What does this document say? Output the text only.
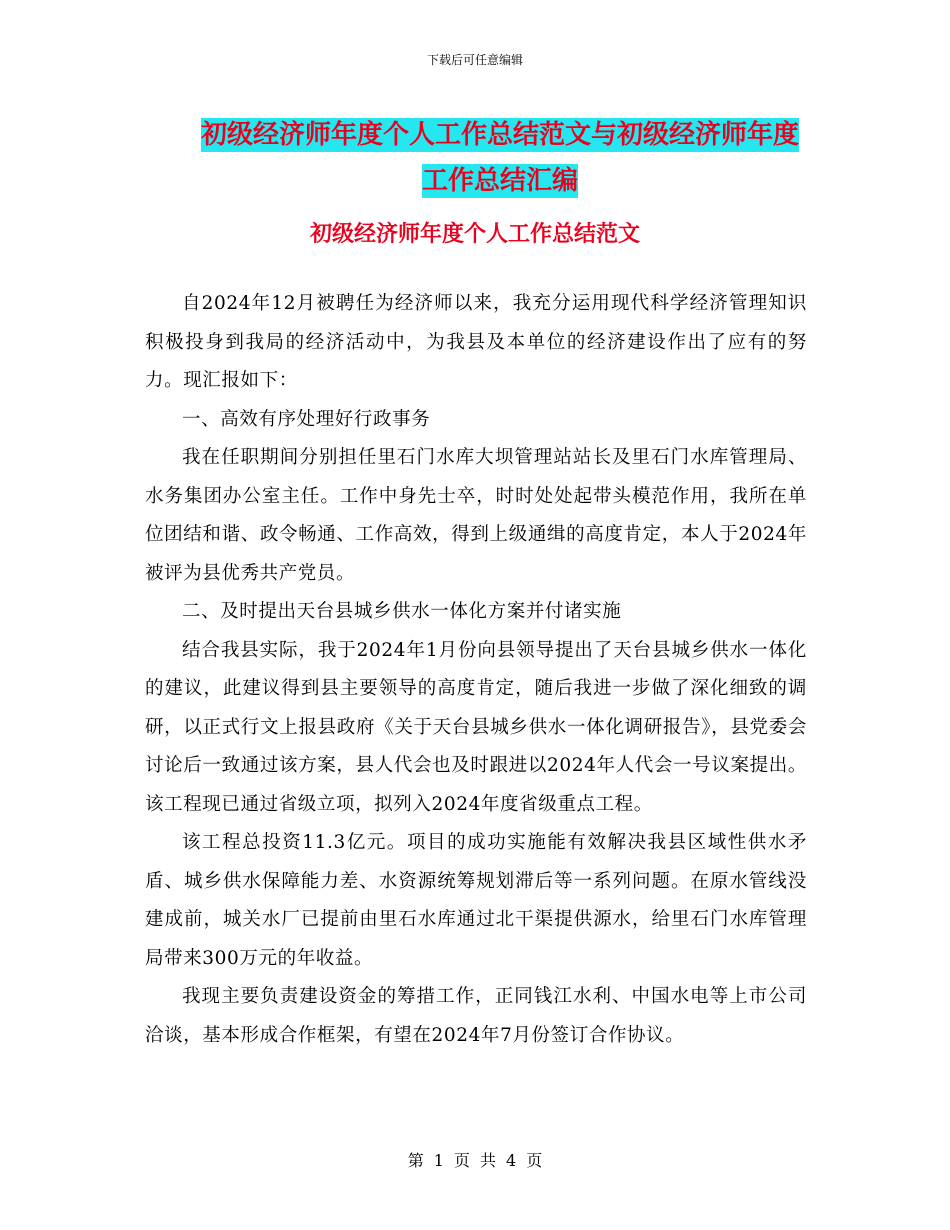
下载后可任意编辑
初级经济师年度个人工作总结范文与初级经济师年度
工作总结汇编
初级经济师年度个人工作总结范文

自2024年12月被聘任为经济师以来，我充分运用现代科学经济管理知识积极投身到我局的经济活动中，为我县及本单位的经济建设作出了应有的努力。现汇报如下：

一、高效有序处理好行政事务

我在任职期间分别担任里石门水库大坝管理站站长及里石门水库管理局、水务集团办公室主任。工作中身先士卒，时时处处起带头模范作用，我所在单位团结和谐、政令畅通、工作高效，得到上级通缉的高度肯定，本人于2024年被评为县优秀共产党员。

二、及时提出天台县城乡供水一体化方案并付诸实施

结合我县实际，我于2024年1月份向县领导提出了天台县城乡供水一体化的建议，此建议得到县主要领导的高度肯定，随后我进一步做了深化细致的调研，以正式行文上报县政府《关于天台县城乡供水一体化调研报告》，县党委会讨论后一致通过该方案，县人代会也及时跟进以2024年人代会一号议案提出。该工程现已通过省级立项，拟列入2024年度省级重点工程。

该工程总投资11.3亿元。项目的成功实施能有效解决我县区域性供水矛盾、城乡供水保障能力差、水资源统筹规划滞后等一系列问题。在原水管线没建成前，城关水厂已提前由里石水库通过北干渠提供源水，给里石门水库管理局带来300万元的年收益。

我现主要负责建设资金的筹措工作，正同钱江水利、中国水电等上市公司洽谈，基本形成合作框架，有望在2024年7月份签订合作协议。

第 1 页 共 4 页
